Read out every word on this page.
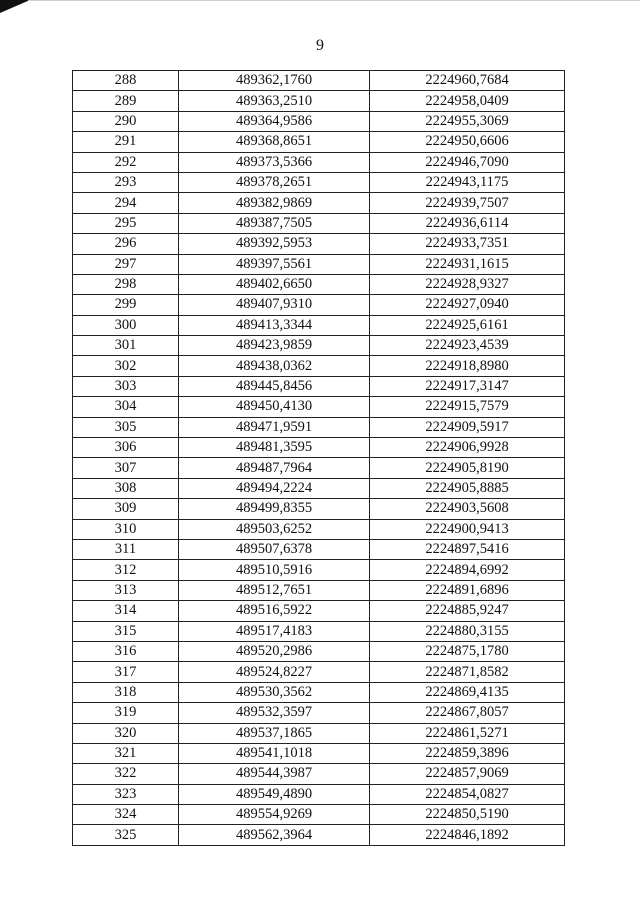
9
288	489362,1760	2224960,7684
289	489363,2510	2224958,0409
290	489364,9586	2224955,3069
291	489368,8651	2224950,6606
292	489373,5366	2224946,7090
293	489378,2651	2224943,1175
294	489382,9869	2224939,7507
295	489387,7505	2224936,6114
296	489392,5953	2224933,7351
297	489397,5561	2224931,1615
298	489402,6650	2224928,9327
299	489407,9310	2224927,0940
300	489413,3344	2224925,6161
301	489423,9859	2224923,4539
302	489438,0362	2224918,8980
303	489445,8456	2224917,3147
304	489450,4130	2224915,7579
305	489471,9591	2224909,5917
306	489481,3595	2224906,9928
307	489487,7964	2224905,8190
308	489494,2224	2224905,8885
309	489499,8355	2224903,5608
310	489503,6252	2224900,9413
311	489507,6378	2224897,5416
312	489510,5916	2224894,6992
313	489512,7651	2224891,6896
314	489516,5922	2224885,9247
315	489517,4183	2224880,3155
316	489520,2986	2224875,1780
317	489524,8227	2224871,8582
318	489530,3562	2224869,4135
319	489532,3597	2224867,8057
320	489537,1865	2224861,5271
321	489541,1018	2224859,3896
322	489544,3987	2224857,9069
323	489549,4890	2224854,0827
324	489554,9269	2224850,5190
325	489562,3964	2224846,1892
